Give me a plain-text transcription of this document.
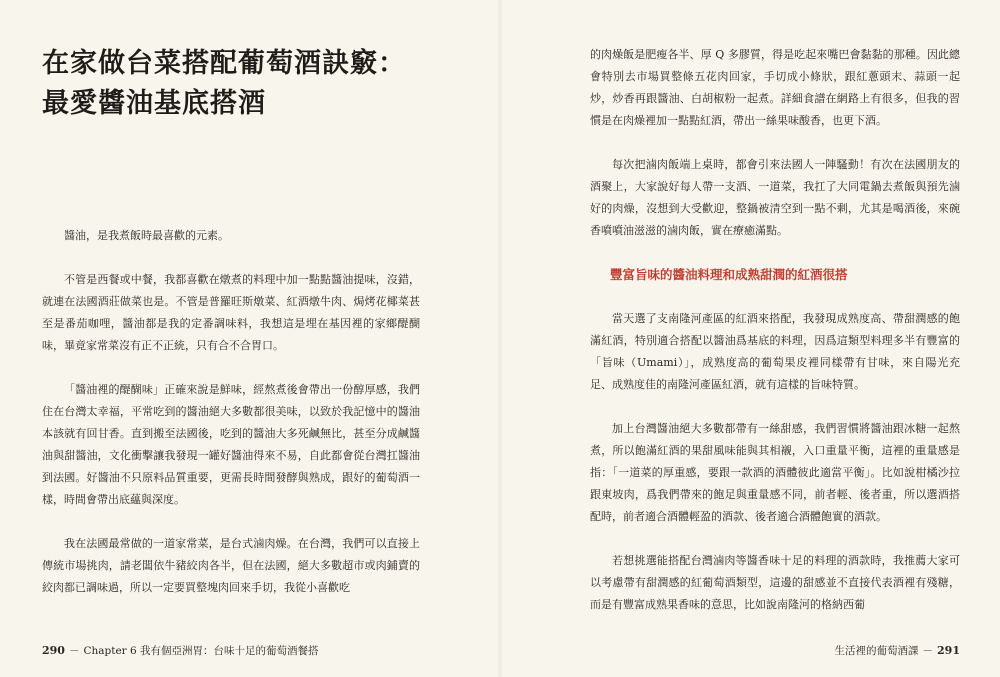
在家做台菜搭配葡萄酒訣竅：
最愛醬油基底搭酒

醬油，是我煮飯時最喜歡的元素。

不管是西餐或中餐，我都喜歡在燉煮的料理中加一點點醬油提味，沒錯，就連在法國酒莊做菜也是。不管是普羅旺斯燉菜、紅酒燉牛肉、焗烤花椰菜甚至是番茄咖哩，醬油都是我的定番調味料，我想這是埋在基因裡的家鄉醍醐味，畢竟家常菜沒有正不正統，只有合不合胃口。

「醬油裡的醍醐味」正確來說是鮮味，經熬煮後會帶出一份醇厚感，我們住在台灣太幸福，平常吃到的醬油絕大多數都很美味，以致於我記憶中的醬油本該就有回甘香。直到搬至法國後，吃到的醬油大多死鹹無比，甚至分成鹹醬油與甜醬油，文化衝擊讓我發現一罐好醬油得來不易，自此都會從台灣扛醬油到法國。好醬油不只原料品質重要，更需長時間發酵與熟成，跟好的葡萄酒一樣，時間會帶出底蘊與深度。

我在法國最常做的一道家常菜，是台式滷肉燥。在台灣，我們可以直接上傳統市場挑肉，請老闆依牛豬絞肉各半，但在法國，絕大多數超市或肉鋪賣的絞肉都已調味過，所以一定要買整塊肉回來手切，我從小喜歡吃

290 － Chapter 6 我有個亞洲胃：台味十足的葡萄酒餐搭

的肉燥飯是肥瘦各半、厚 Q 多膠質，得是吃起來嘴巴會黏黏的那種。因此總會特別去市場買整條五花肉回家，手切成小條狀，跟紅蔥頭末、蒜頭一起炒，炒香再跟醬油、白胡椒粉一起煮。詳細食譜在網路上有很多，但我的習慣是在肉燥裡加一點點紅酒，帶出一絲果味酸香，也更下酒。

每次把滷肉飯端上桌時，都會引來法國人一陣騷動！有次在法國朋友的酒聚上，大家說好每人帶一支酒、一道菜，我扛了大同電鍋去煮飯與預先滷好的肉燥，沒想到大受歡迎，整鍋被清空到一點不剩，尤其是喝酒後，來碗香噴噴油滋滋的滷肉飯，實在療癒滿點。

豐富旨味的醬油料理和成熟甜潤的紅酒很搭

當天選了支南隆河產區的紅酒來搭配，我發現成熟度高、帶甜潤感的飽滿紅酒，特別適合搭配以醬油爲基底的料理，因爲這類型料理多半有豐富的「旨味（Umami）」，成熟度高的葡萄果皮裡同樣帶有甘味，來自陽光充足、成熟度佳的南隆河產區紅酒，就有這樣的旨味特質。

加上台灣醬油絕大多數都帶有一絲甜感，我們習慣將醬油跟冰糖一起熬煮，所以飽滿紅酒的果甜風味能與其相襯，入口重量平衡，這裡的重量感是指：「一道菜的厚重感，要跟一款酒的酒體彼此適當平衡」。比如說柑橘沙拉跟東坡肉，爲我們帶來的飽足與重量感不同，前者輕、後者重，所以選酒搭配時，前者適合酒體輕盈的酒款、後者適合酒體飽實的酒款。

若想挑選能搭配台灣滷肉等醬香味十足的料理的酒款時，我推薦大家可以考慮帶有甜潤感的紅葡萄酒類型，這邊的甜感並不直接代表酒裡有殘糖，而是有豐富成熟果香味的意思，比如說南隆河的格納西葡

生活裡的葡萄酒課 － 291
